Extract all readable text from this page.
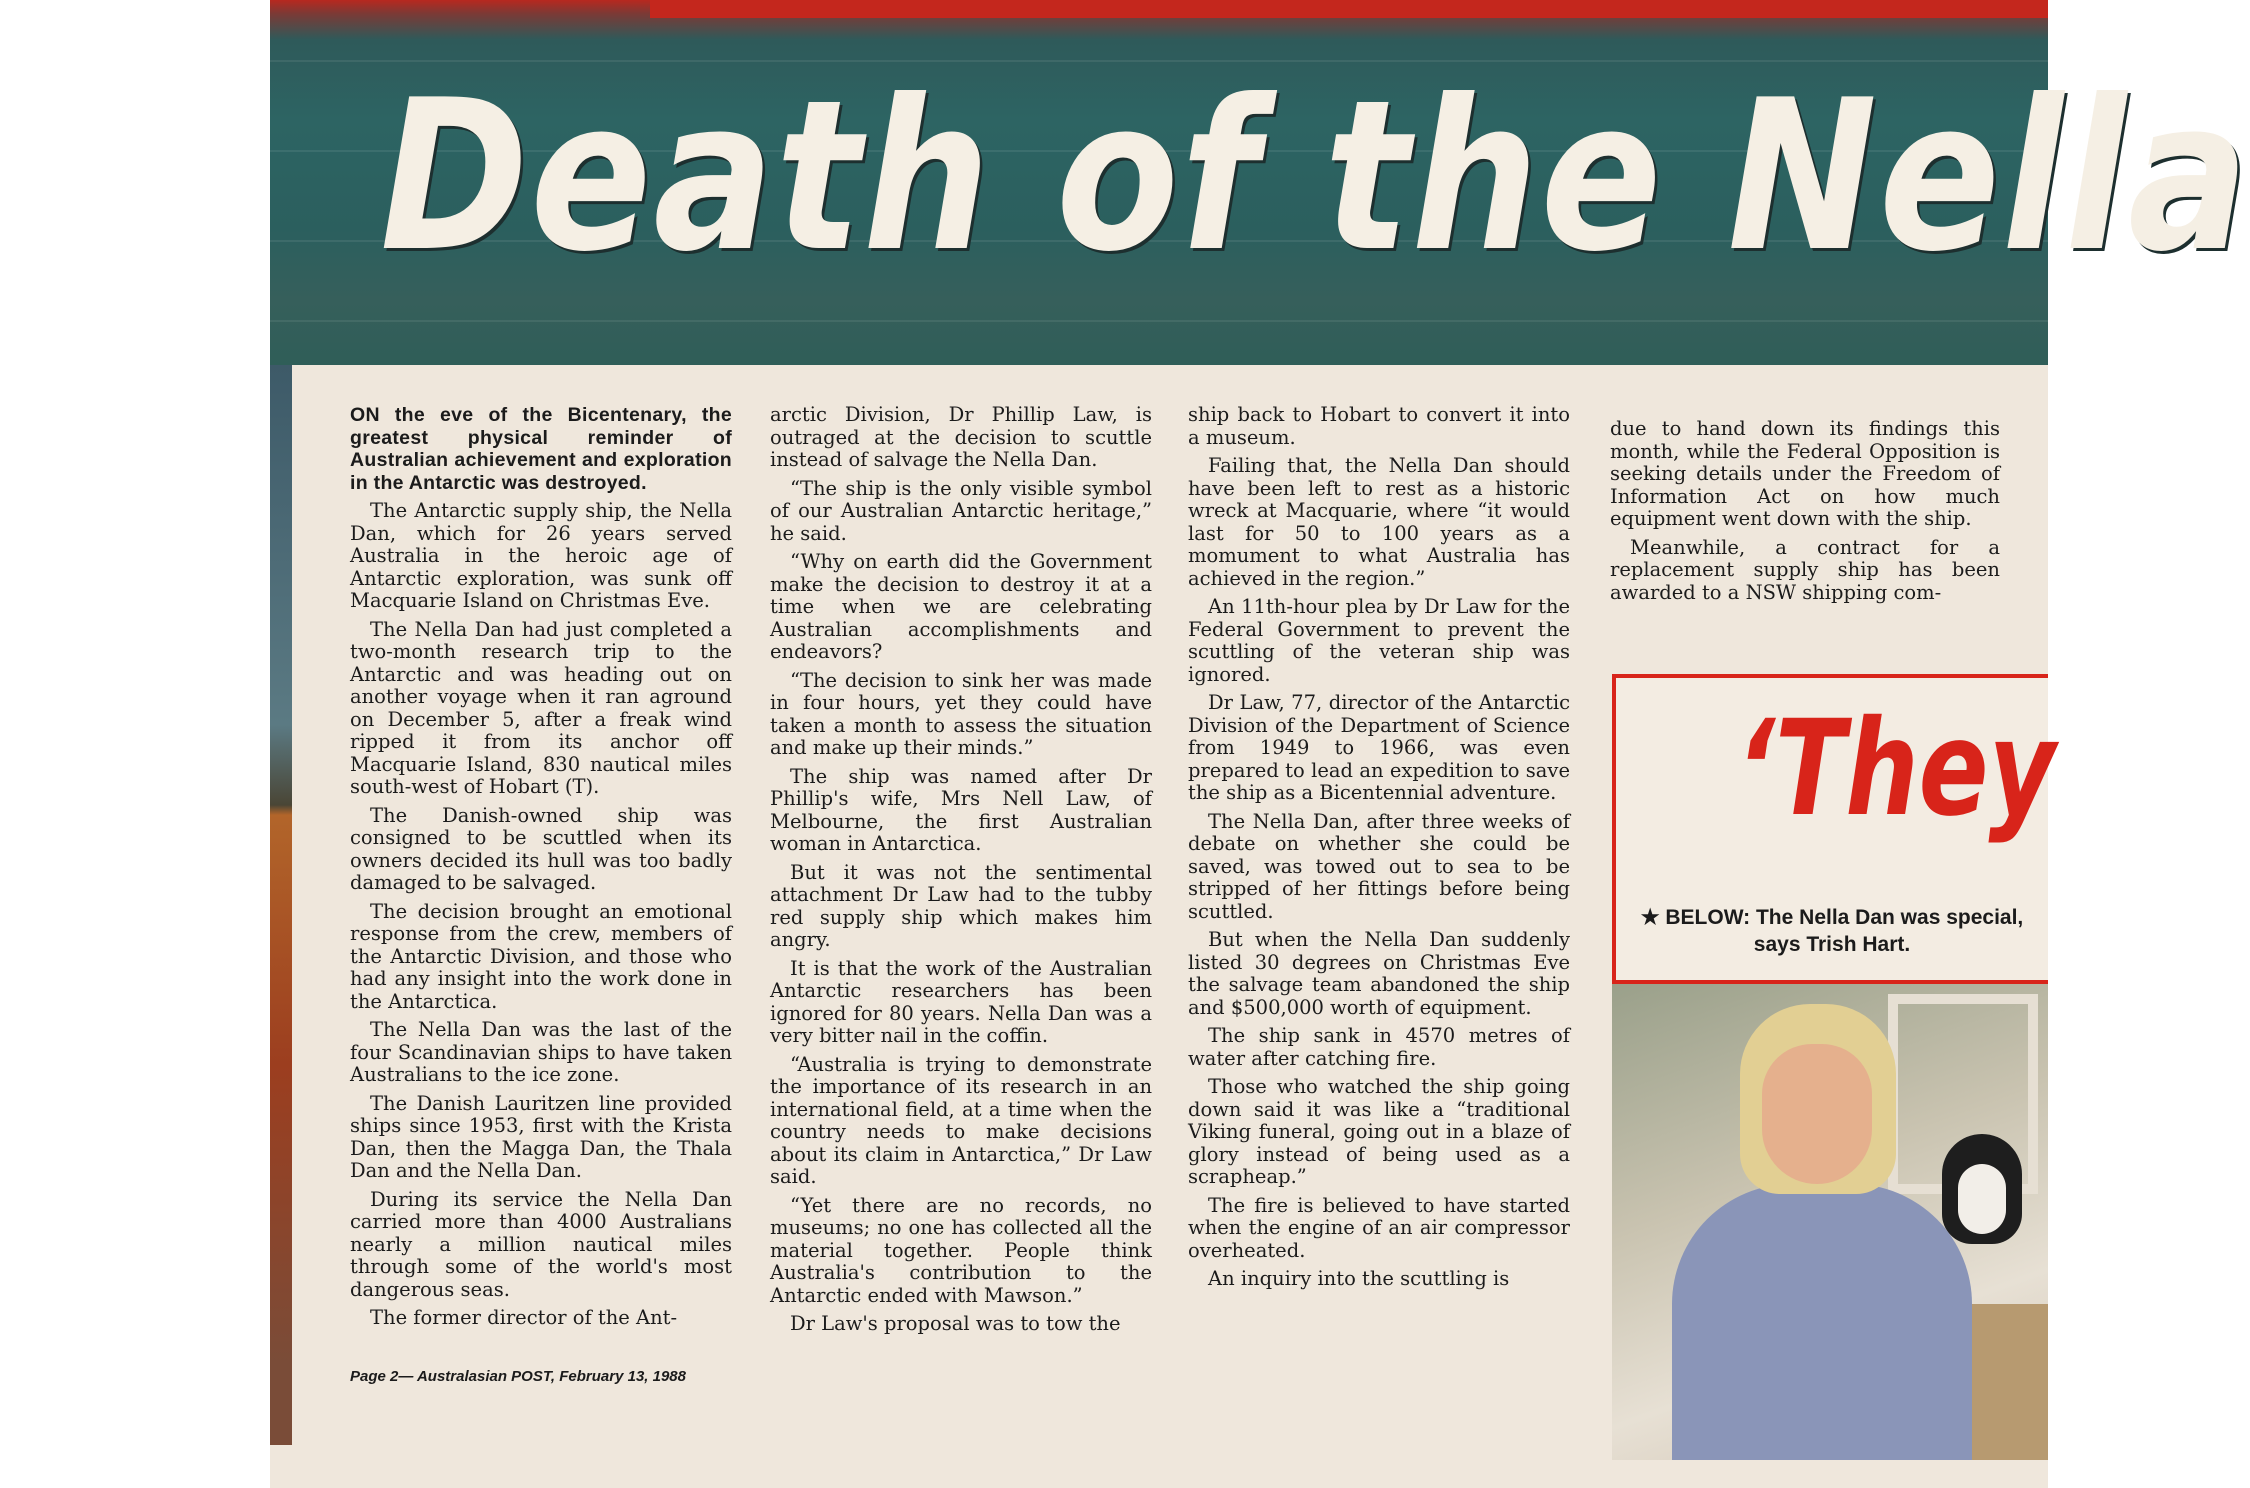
Death of the Nella

ON the eve of the Bicentenary, the greatest physical reminder of Australian achievement and exploration in the Antarctic was destroyed.

The Antarctic supply ship, the Nella Dan, which for 26 years served Australia in the heroic age of Antarctic exploration, was sunk off Macquarie Island on Christmas Eve.

The Nella Dan had just completed a two-month research trip to the Antarctic and was heading out on another voyage when it ran aground on December 5, after a freak wind ripped it from its anchor off Macquarie Island, 830 nautical miles south-west of Hobart (T).

The Danish-owned ship was consigned to be scuttled when its owners decided its hull was too badly damaged to be salvaged.

The decision brought an emotional response from the crew, members of the Antarctic Division, and those who had any insight into the work done in the Antarctica.

The Nella Dan was the last of the four Scandinavian ships to have taken Australians to the ice zone.

The Danish Lauritzen line provided ships since 1953, first with the Krista Dan, then the Magga Dan, the Thala Dan and the Nella Dan.

During its service the Nella Dan carried more than 4000 Australians nearly a million nautical miles through some of the world's most dangerous seas.

The former director of the Ant-

Page 2— Australasian POST, February 13, 1988

arctic Division, Dr Phillip Law, is outraged at the decision to scuttle instead of salvage the Nella Dan.

“The ship is the only visible symbol of our Australian Antarctic heritage,” he said.

“Why on earth did the Government make the decision to destroy it at a time when we are celebrating Australian accomplishments and endeavors?

“The decision to sink her was made in four hours, yet they could have taken a month to assess the situation and make up their minds.”

The ship was named after Dr Phillip's wife, Mrs Nell Law, of Melbourne, the first Australian woman in Antarctica.

But it was not the sentimental attachment Dr Law had to the tubby red supply ship which makes him angry.

It is that the work of the Australian Antarctic researchers has been ignored for 80 years. Nella Dan was a very bitter nail in the coffin.

“Australia is trying to demonstrate the importance of its research in an international field, at a time when the country needs to make decisions about its claim in Antarctica,” Dr Law said.

“Yet there are no records, no museums; no one has collected all the material together. People think Australia's contribution to the Antarctic ended with Mawson.”

Dr Law's proposal was to tow the

ship back to Hobart to convert it into a museum.

Failing that, the Nella Dan should have been left to rest as a historic wreck at Macquarie, where “it would last for 50 to 100 years as a momument to what Australia has achieved in the region.”

An 11th-hour plea by Dr Law for the Federal Government to prevent the scuttling of the veteran ship was ignored.

Dr Law, 77, director of the Antarctic Division of the Department of Science from 1949 to 1966, was even prepared to lead an expedition to save the ship as a Bicentennial adventure.

The Nella Dan, after three weeks of debate on whether she could be saved, was towed out to sea to be stripped of her fittings before being scuttled.

But when the Nella Dan suddenly listed 30 degrees on Christmas Eve the salvage team abandoned the ship and $500,000 worth of equipment.

The ship sank in 4570 metres of water after catching fire.

Those who watched the ship going down said it was like a “traditional Viking funeral, going out in a blaze of glory instead of being used as a scrapheap.”

The fire is believed to have started when the engine of an air compressor overheated.

An inquiry into the scuttling is

due to hand down its findings this month, while the Federal Opposition is seeking details under the Freedom of Information Act on how much equipment went down with the ship.

Meanwhile, a contract for a replacement supply ship has been awarded to a NSW shipping com-

‘They
★ BELOW: The Nella Dan was special, says Trish Hart.
